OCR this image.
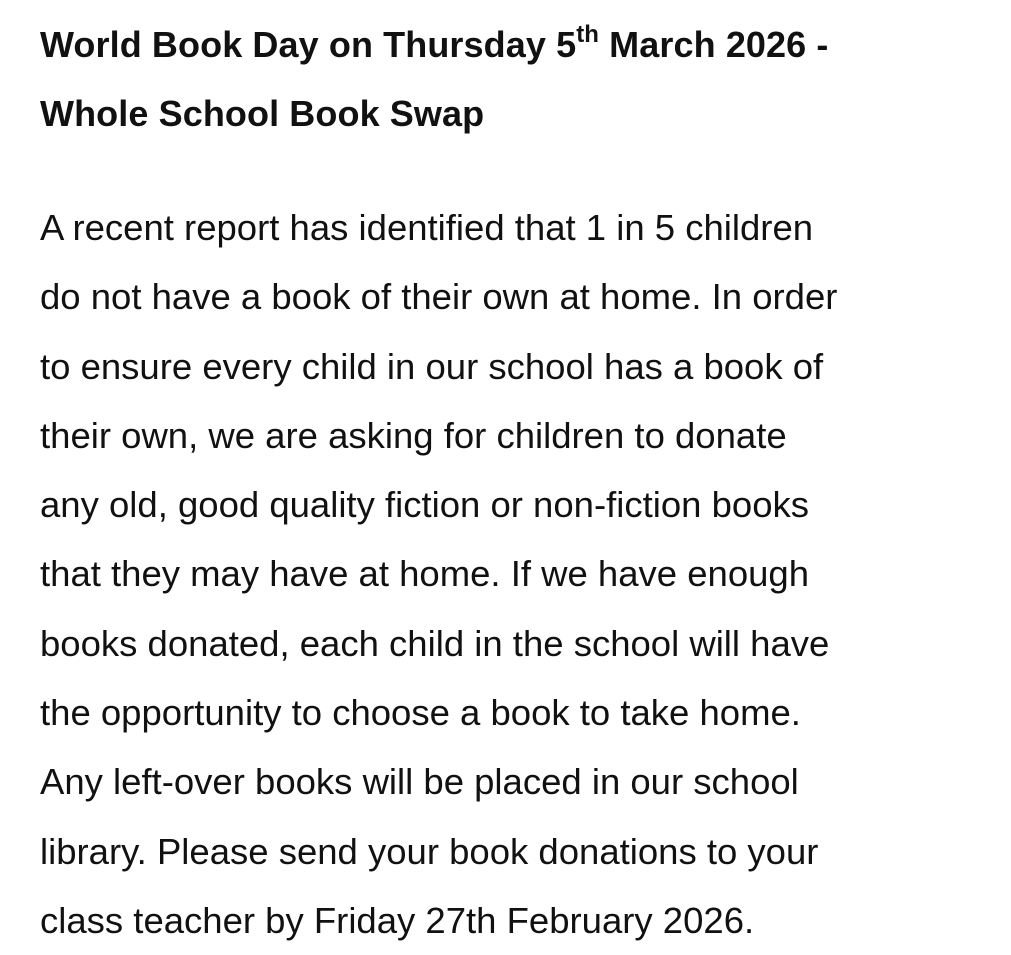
World Book Day on Thursday 5th March 2026 -
Whole School Book Swap

A recent report has identified that 1 in 5 children
do not have a book of their own at home. In order
to ensure every child in our school has a book of
their own, we are asking for children to donate
any old, good quality fiction or non-fiction books
that they may have at home. If we have enough
books donated, each child in the school will have
the opportunity to choose a book to take home.
Any left-over books will be placed in our school
library. Please send your book donations to your
class teacher by Friday 27th February 2026.
